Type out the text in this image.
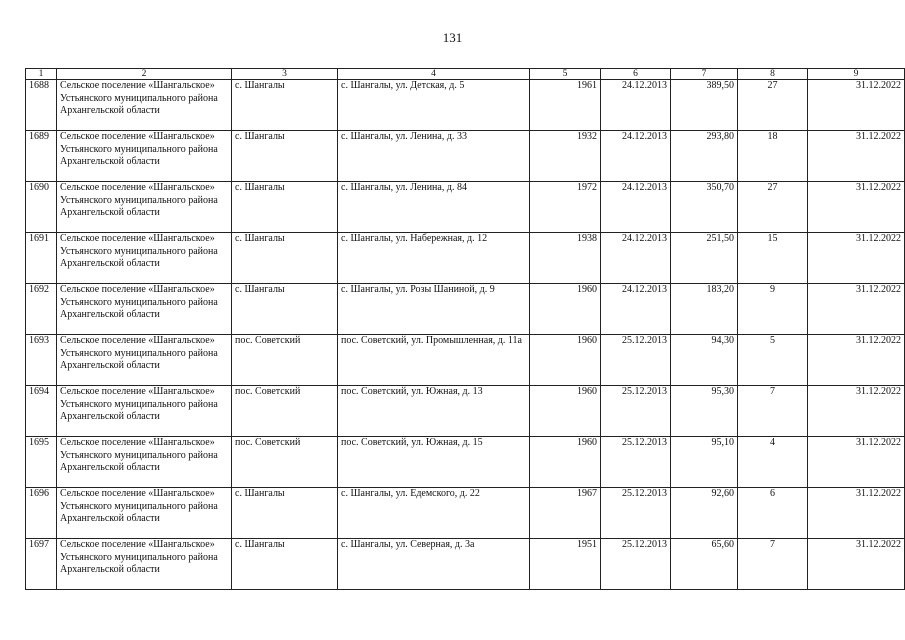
131
1	2	3	4	5	6	7	8	9
1688	Сельское поселение «Шангальское» Устьянского муниципального района Архангельской области	с. Шангалы	с. Шангалы, ул. Детская, д. 5	1961	24.12.2013	389,50	27	31.12.2022
1689	Сельское поселение «Шангальское» Устьянского муниципального района Архангельской области	с. Шангалы	с. Шангалы, ул. Ленина, д. 33	1932	24.12.2013	293,80	18	31.12.2022
1690	Сельское поселение «Шангальское» Устьянского муниципального района Архангельской области	с. Шангалы	с. Шангалы, ул. Ленина, д. 84	1972	24.12.2013	350,70	27	31.12.2022
1691	Сельское поселение «Шангальское» Устьянского муниципального района Архангельской области	с. Шангалы	с. Шангалы, ул. Набережная, д. 12	1938	24.12.2013	251,50	15	31.12.2022
1692	Сельское поселение «Шангальское» Устьянского муниципального района Архангельской области	с. Шангалы	с. Шангалы, ул. Розы Шаниной, д. 9	1960	24.12.2013	183,20	9	31.12.2022
1693	Сельское поселение «Шангальское» Устьянского муниципального района Архангельской области	пос. Советский	пос. Советский, ул. Промышленная, д. 11а	1960	25.12.2013	94,30	5	31.12.2022
1694	Сельское поселение «Шангальское» Устьянского муниципального района Архангельской области	пос. Советский	пос. Советский, ул. Южная, д. 13	1960	25.12.2013	95,30	7	31.12.2022
1695	Сельское поселение «Шангальское» Устьянского муниципального района Архангельской области	пос. Советский	пос. Советский, ул. Южная, д. 15	1960	25.12.2013	95,10	4	31.12.2022
1696	Сельское поселение «Шангальское» Устьянского муниципального района Архангельской области	с. Шангалы	с. Шангалы, ул. Едемского, д. 22	1967	25.12.2013	92,60	6	31.12.2022
1697	Сельское поселение «Шангальское» Устьянского муниципального района Архангельской области	с. Шангалы	с. Шангалы, ул. Северная, д. 3а	1951	25.12.2013	65,60	7	31.12.2022
